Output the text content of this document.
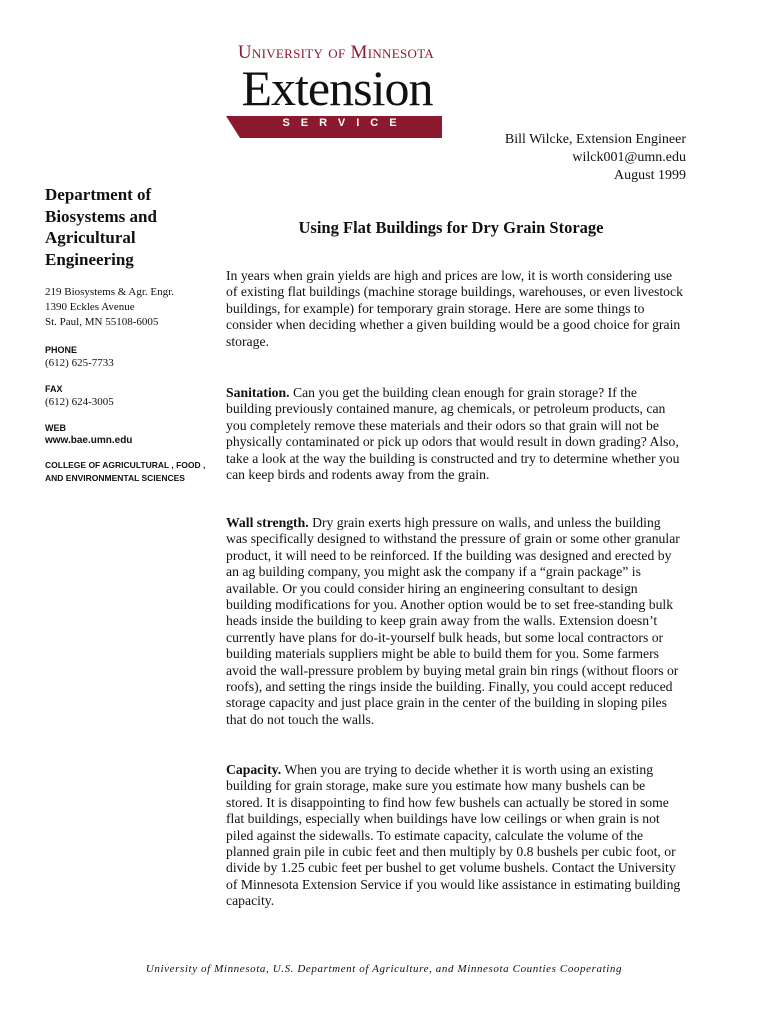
University of Minnesota
Extension
SERVICE
Bill Wilcke, Extension Engineer
wilck001@umn.edu
August 1999
Department of Biosystems and Agricultural Engineering
219 Biosystems & Agr. Engr.
1390 Eckles Avenue
St. Paul, MN 55108-6005
PHONE
(612) 625-7733
FAX
(612) 624-3005
WEB
www.bae.umn.edu
COLLEGE OF AGRICULTURAL , FOOD , AND ENVIRONMENTAL SCIENCES
Using Flat Buildings for Dry Grain Storage

In years when grain yields are high and prices are low, it is worth considering use of existing flat buildings (machine storage buildings, warehouses, or even livestock buildings, for example) for temporary grain storage. Here are some things to consider when deciding whether a given building would be a good choice for grain storage.

Sanitation. Can you get the building clean enough for grain storage? If the building previously contained manure, ag chemicals, or petroleum products, can you completely remove these materials and their odors so that grain will not be physically contaminated or pick up odors that would result in down grading? Also, take a look at the way the building is constructed and try to determine whether you can keep birds and rodents away from the grain.

Wall strength. Dry grain exerts high pressure on walls, and unless the building was specifically designed to withstand the pressure of grain or some other granular product, it will need to be reinforced. If the building was designed and erected by an ag building company, you might ask the company if a “grain package” is available. Or you could consider hiring an engineering consultant to design building modifications for you. Another option would be to set free-standing bulk heads inside the building to keep grain away from the walls. Extension doesn’t currently have plans for do-it-yourself bulk heads, but some local contractors or building materials suppliers might be able to build them for you. Some farmers avoid the wall-pressure problem by buying metal grain bin rings (without floors or roofs), and setting the rings inside the building. Finally, you could accept reduced storage capacity and just place grain in the center of the building in sloping piles that do not touch the walls.

Capacity. When you are trying to decide whether it is worth using an existing building for grain storage, make sure you estimate how many bushels can be stored. It is disappointing to find how few bushels can actually be stored in some flat buildings, especially when buildings have low ceilings or when grain is not piled against the sidewalls. To estimate capacity, calculate the volume of the planned grain pile in cubic feet and then multiply by 0.8 bushels per cubic foot, or divide by 1.25 cubic feet per bushel to get volume bushels. Contact the University of Minnesota Extension Service if you would like assistance in estimating building capacity.

University of Minnesota, U.S. Department of Agriculture, and Minnesota Counties Cooperating
